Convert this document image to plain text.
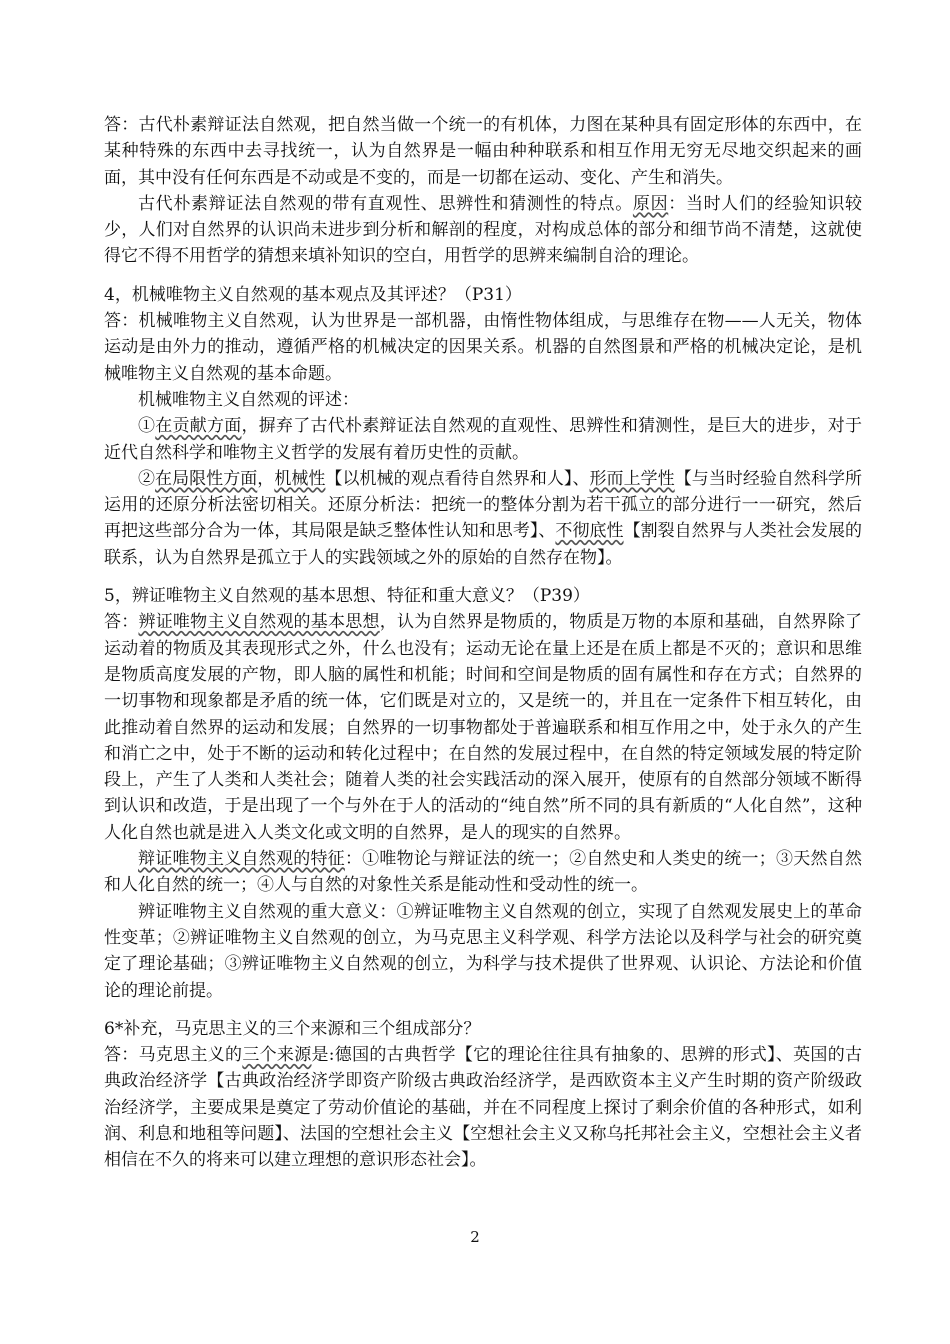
答：古代朴素辩证法自然观，把自然当做一个统一的有机体，力图在某种具有固定形体的东西中，在某种特殊的东西中去寻找统一，认为自然界是一幅由种种联系和相互作用无穷无尽地交织起来的画面，其中没有任何东西是不动或是不变的，而是一切都在运动、变化、产生和消失。

古代朴素辩证法自然观的带有直观性、思辨性和猜测性的特点。原因：当时人们的经验知识较少，人们对自然界的认识尚未进步到分析和解剖的程度，对构成总体的部分和细节尚不清楚，这就使得它不得不用哲学的猜想来填补知识的空白，用哲学的思辨来编制自洽的理论。

4，机械唯物主义自然观的基本观点及其评述？（P31）

答：机械唯物主义自然观，认为世界是一部机器，由惰性物体组成，与思维存在物——人无关，物体运动是由外力的推动，遵循严格的机械决定的因果关系。机器的自然图景和严格的机械决定论，是机械唯物主义自然观的基本命题。

机械唯物主义自然观的评述：

①在贡献方面，摒弃了古代朴素辩证法自然观的直观性、思辨性和猜测性，是巨大的进步，对于近代自然科学和唯物主义哲学的发展有着历史性的贡献。

②在局限性方面，机械性【以机械的观点看待自然界和人】、形而上学性【与当时经验自然科学所运用的还原分析法密切相关。还原分析法：把统一的整体分割为若干孤立的部分进行一一研究，然后再把这些部分合为一体，其局限是缺乏整体性认知和思考】、不彻底性【割裂自然界与人类社会发展的联系，认为自然界是孤立于人的实践领域之外的原始的自然存在物】。

5，辨证唯物主义自然观的基本思想、特征和重大意义？（P39）

答：辨证唯物主义自然观的基本思想，认为自然界是物质的，物质是万物的本原和基础，自然界除了运动着的物质及其表现形式之外，什么也没有；运动无论在量上还是在质上都是不灭的；意识和思维是物质高度发展的产物，即人脑的属性和机能；时间和空间是物质的固有属性和存在方式；自然界的一切事物和现象都是矛盾的统一体，它们既是对立的，又是统一的，并且在一定条件下相互转化，由此推动着自然界的运动和发展；自然界的一切事物都处于普遍联系和相互作用之中，处于永久的产生和消亡之中，处于不断的运动和转化过程中；在自然的发展过程中，在自然的特定领域发展的特定阶段上，产生了人类和人类社会；随着人类的社会实践活动的深入展开，使原有的自然部分领域不断得到认识和改造，于是出现了一个与外在于人的活动的“纯自然”所不同的具有新质的“人化自然”，这种人化自然也就是进入人类文化或文明的自然界，是人的现实的自然界。

辩证唯物主义自然观的特征：①唯物论与辩证法的统一；②自然史和人类史的统一；③天然自然和人化自然的统一；④人与自然的对象性关系是能动性和受动性的统一。

辨证唯物主义自然观的重大意义：①辨证唯物主义自然观的创立，实现了自然观发展史上的革命性变革；②辨证唯物主义自然观的创立，为马克思主义科学观、科学方法论以及科学与社会的研究奠定了理论基础；③辨证唯物主义自然观的创立，为科学与技术提供了世界观、认识论、方法论和价值论的理论前提。

6*补充，马克思主义的三个来源和三个组成部分？

答：马克思主义的三个来源是:德国的古典哲学【它的理论往往具有抽象的、思辨的形式】、英国的古典政治经济学【古典政治经济学即资产阶级古典政治经济学，是西欧资本主义产生时期的资产阶级政治经济学，主要成果是奠定了劳动价值论的基础，并在不同程度上探讨了剩余价值的各种形式，如利润、利息和地租等问题】、法国的空想社会主义【空想社会主义又称乌托邦社会主义，空想社会主义者相信在不久的将来可以建立理想的意识形态社会】。

2
